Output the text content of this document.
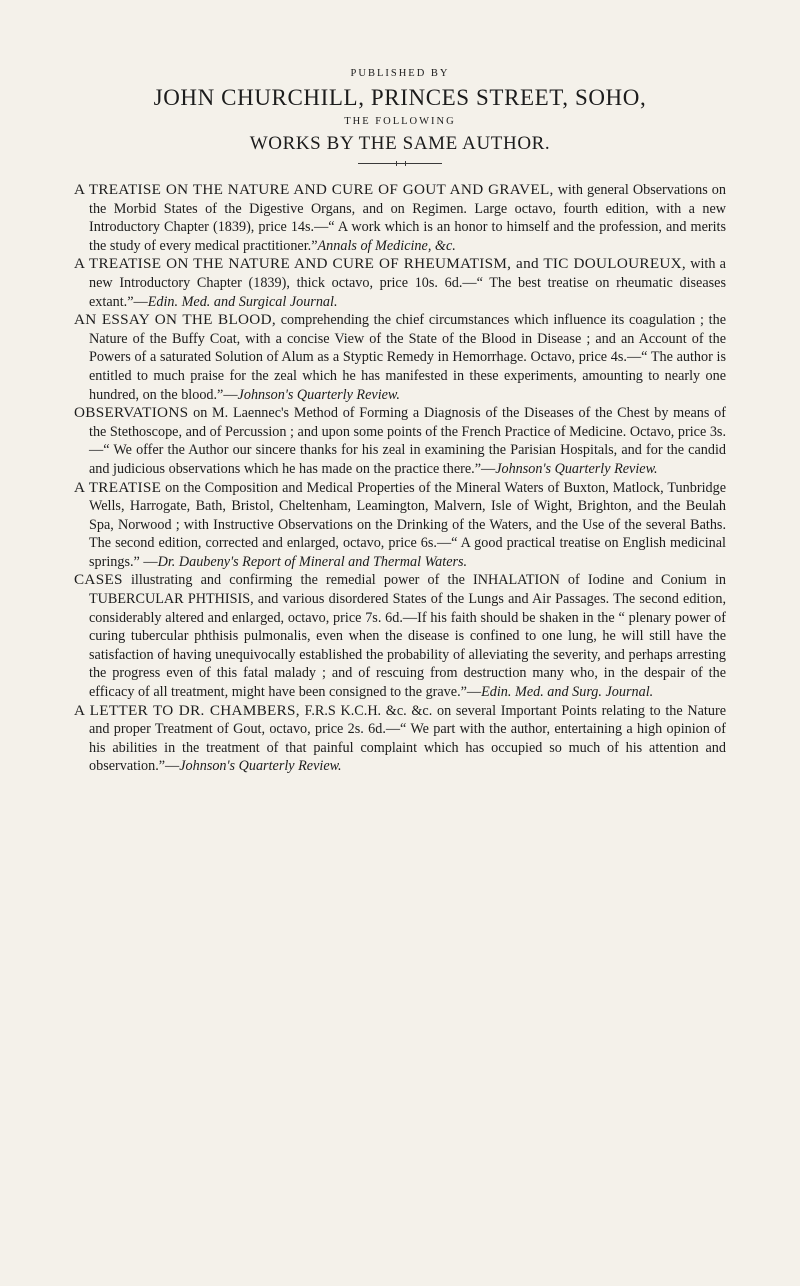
PUBLISHED BY
JOHN CHURCHILL, PRINCES STREET, SOHO,
THE FOLLOWING
WORKS BY THE SAME AUTHOR.

A TREATISE ON THE NATURE AND CURE OF GOUT AND GRAVEL, with general Observations on the Morbid States of the Digestive Organs, and on Regimen. Large octavo, fourth edition, with a new Introductory Chapter (1839), price 14s.—“ A work which is an honor to himself and the profession, and merits the study of every medical practitioner.”Annals of Medicine, &c.

A TREATISE ON THE NATURE AND CURE OF RHEUMATISM, and TIC DOULOUREUX, with a new Introductory Chapter (1839), thick octavo, price 10s. 6d.—“ The best treatise on rheumatic diseases extant.”—Edin. Med. and Surgical Journal.

AN ESSAY ON THE BLOOD, comprehending the chief circumstances which influence its coagulation ; the Nature of the Buffy Coat, with a concise View of the State of the Blood in Disease ; and an Account of the Powers of a saturated Solution of Alum as a Styptic Remedy in Hemorrhage. Octavo, price 4s.—“ The author is entitled to much praise for the zeal which he has manifested in these experiments, amounting to nearly one hundred, on the blood.”—Johnson's Quarterly Review.

OBSERVATIONS on M. Laennec's Method of Forming a Diagnosis of the Diseases of the Chest by means of the Stethoscope, and of Percussion ; and upon some points of the French Practice of Medicine. Octavo, price 3s.—“ We offer the Author our sincere thanks for his zeal in examining the Parisian Hospitals, and for the candid and judicious observations which he has made on the practice there.”—Johnson's Quarterly Review.

A TREATISE on the Composition and Medical Properties of the Mineral Waters of Buxton, Matlock, Tunbridge Wells, Harrogate, Bath, Bristol, Cheltenham, Leamington, Malvern, Isle of Wight, Brighton, and the Beulah Spa, Norwood ; with Instructive Observations on the Drinking of the Waters, and the Use of the several Baths. The second edition, corrected and enlarged, octavo, price 6s.—“ A good practical treatise on English medicinal springs.” —Dr. Daubeny's Report of Mineral and Thermal Waters.

CASES illustrating and confirming the remedial power of the INHALATION of Iodine and Conium in TUBERCULAR PHTHISIS, and various disordered States of the Lungs and Air Passages. The second edition, considerably altered and enlarged, octavo, price 7s. 6d.—If his faith should be shaken in the “ plenary power of curing tubercular phthisis pulmonalis, even when the disease is confined to one lung, he will still have the satisfaction of having unequivocally established the probability of alleviating the severity, and perhaps arresting the progress even of this fatal malady ; and of rescuing from destruction many who, in the despair of the efficacy of all treatment, might have been consigned to the grave.”—Edin. Med. and Surg. Journal.

A LETTER TO DR. CHAMBERS, F.R.S K.C.H. &c. &c. on several Important Points relating to the Nature and proper Treatment of Gout, octavo, price 2s. 6d.—“ We part with the author, entertaining a high opinion of his abilities in the treatment of that painful complaint which has occupied so much of his attention and observation.”—Johnson's Quarterly Review.
